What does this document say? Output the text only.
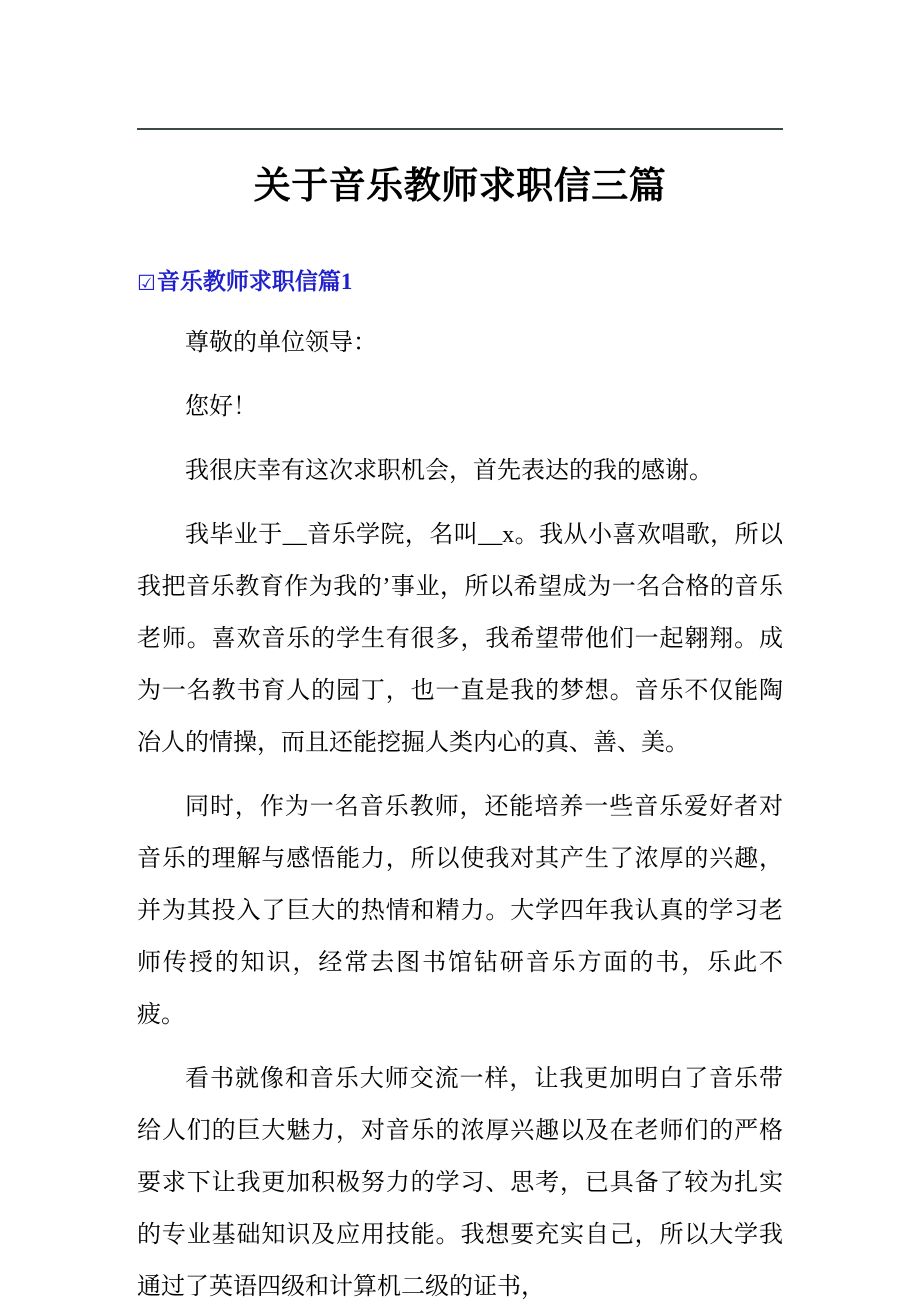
关于音乐教师求职信三篇
☑音乐教师求职信篇1

尊敬的单位领导：

您好！

我很庆幸有这次求职机会，首先表达的我的感谢。

我毕业于__音乐学院，名叫__x。我从小喜欢唱歌，所以我把音乐教育作为我的’事业，所以希望成为一名合格的音乐老师。喜欢音乐的学生有很多，我希望带他们一起翱翔。成为一名教书育人的园丁，也一直是我的梦想。音乐不仅能陶冶人的情操，而且还能挖掘人类内心的真、善、美。

同时，作为一名音乐教师，还能培养一些音乐爱好者对音乐的理解与感悟能力，所以使我对其产生了浓厚的兴趣，并为其投入了巨大的热情和精力。大学四年我认真的学习老师传授的知识，经常去图书馆钻研音乐方面的书，乐此不疲。

看书就像和音乐大师交流一样，让我更加明白了音乐带给人们的巨大魅力，对音乐的浓厚兴趣以及在老师们的严格要求下让我更加积极努力的学习、思考，已具备了较为扎实的专业基础知识及应用技能。我想要充实自己，所以大学我通过了英语四级和计算机二级的证书，
